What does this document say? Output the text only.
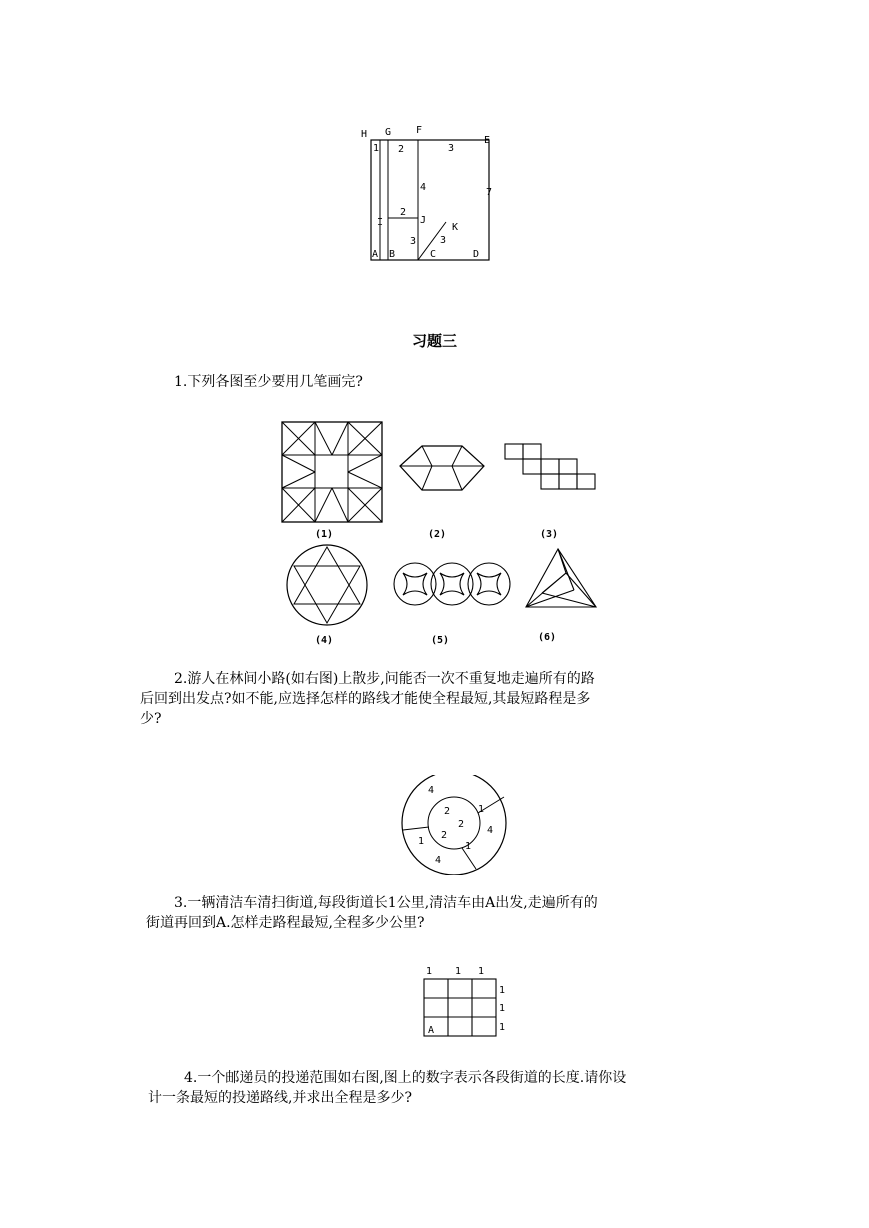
H G F
E
1 2	3
4	7
2
I	J
K
3 3
A B	C	D
习题三
1.下列各图至少要用几笔画完?
(1)	(2)	(3)
(4)	(5)	(6)
2.游人在林间小路(如右图)上散步,问能否一次不重复地走遍所有的路
后回到出发点?如不能,应选择怎样的路线才能使全程最短,其最短路程是多
少?
4
2
2
2
1
4
1
4
1
3.一辆清洁车清扫街道,每段街道长1公里,清洁车由A出发,走遍所有的
街道再回到A.怎样走路程最短,全程多少公里?
1 1 1
1
1
1
A
4.一个邮递员的投递范围如右图,图上的数字表示各段街道的长度.请你设
计一条最短的投递路线,并求出全程是多少?
